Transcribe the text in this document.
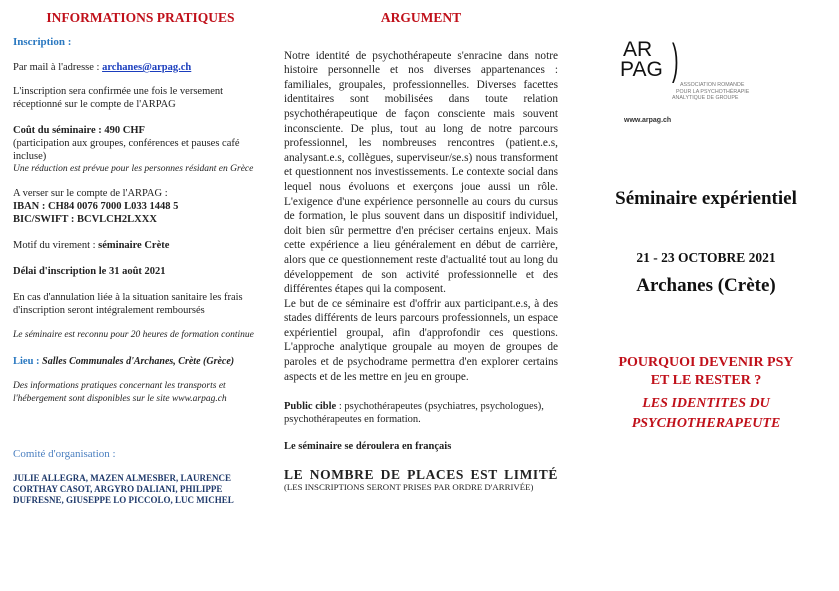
INFORMATIONS PRATIQUES

Inscription :

Par mail à l'adresse : archanes@arpag.ch

L'inscription sera confirmée une fois le versement réceptionné sur le compte de l'ARPAG

Coût du séminaire : 490 CHF

(participation aux groupes, conférences et pauses café incluse)

Une réduction est prévue pour les personnes résidant en Grèce

A verser sur le compte de l'ARPAG :

IBAN : CH84 0076 7000 L033 1448 5

BIC/SWIFT : BCVLCH2LXXX

Motif du virement : séminaire Crète

Délai d'inscription le 31 août 2021

En cas d'annulation liée à la situation sanitaire les frais d'inscription seront intégralement remboursés

Le séminaire est reconnu pour 20 heures de formation continue

Lieu : Salles Communales d'Archanes, Crète (Grèce)

Des informations pratiques concernant les transports et l'hébergement sont disponibles sur le site www.arpag.ch

Comité d'organisation :

JULIE ALLEGRA, MAZEN ALMESBER, LAURENCE CORTHAY CASOT, ARGYRO DALIANI, PHILIPPE DUFRESNE, GIUSEPPE LO PICCOLO, LUC MICHEL

ARGUMENT

Notre identité de psychothérapeute s'enracine dans notre histoire personnelle et nos diverses appartenances : familiales, groupales, professionnelles. Diverses facettes identitaires sont mobilisées dans toute relation psychothérapeutique de façon consciente mais souvent inconsciente. De plus, tout au long de notre parcours professionnel, les nombreuses rencontres (patient.e.s, analysant.e.s, collègues, superviseur/se.s) nous transforment et questionnent nos investissements. Le contexte social dans lequel nous évoluons et exerçons joue aussi un rôle. L'exigence d'une expérience personnelle au cours du cursus de formation, le plus souvent dans un dispositif individuel, doit bien sûr permettre d'en préciser certains enjeux. Mais cette expérience a lieu généralement en début de carrière, alors que ce questionnement reste d'actualité tout au long du développement de son activité professionnelle et des différentes étapes qui la composent.

Le but de ce séminaire est d'offrir aux participant.e.s, à des stades différents de leurs parcours professionnels, un espace expérientiel groupal, afin d'approfondir ces questions. L'approche analytique groupale au moyen de groupes de paroles et de psychodrame permettra d'en explorer certains aspects et de les mettre en jeu en groupe.

Public cible : psychothérapeutes (psychiatres, psychologues), psychothérapeutes en formation.

Le séminaire se déroulera en français

LE NOMBRE DE PLACES EST LIMITÉ

(LES INSCRIPTIONS SERONT PRISES PAR ORDRE D'ARRIVÉE)

AR
PAG )
ASSOCIATION ROMANDE
POUR LA PSYCHOTHÉRAPIE
ANALYTIQUE DE GROUPE
www.arpag.ch
Séminaire expérientiel
21 - 23 OCTOBRE 2021
Archanes (Crète)
POURQUOI DEVENIR PSY
ET LE RESTER ?
LES IDENTITES DU
PSYCHOTHERAPEUTE
